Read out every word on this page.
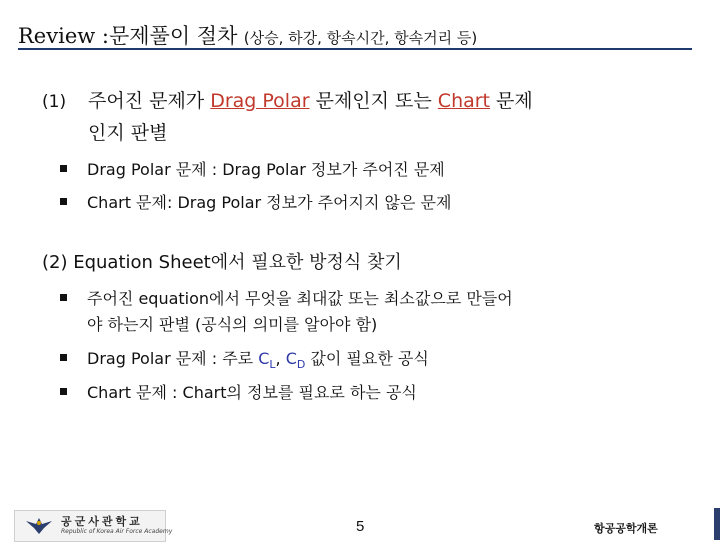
Review :문제풀이 절차 (상승, 하강, 항속시간, 항속거리 등)
(1) 주어진 문제가 Drag Polar 문제인지 또는 Chart 문제
인지 판별
Drag Polar 문제 : Drag Polar 정보가 주어진 문제
Chart 문제: Drag Polar 정보가 주어지지 않은 문제
(2) Equation Sheet에서 필요한 방정식 찾기
주어진 equation에서 무엇을 최대값 또는 최소값으로 만들어
야 하는지 판별 (공식의 의미를 알아야 함)
Drag Polar 문제 : 주로 $C_L$, $C_D$ 값이 필요한 공식
Chart 문제 : Chart의 정보를 필요로 하는 공식
공군사관학교
Republic of Korea Air Force Academy	5	항공공학개론
